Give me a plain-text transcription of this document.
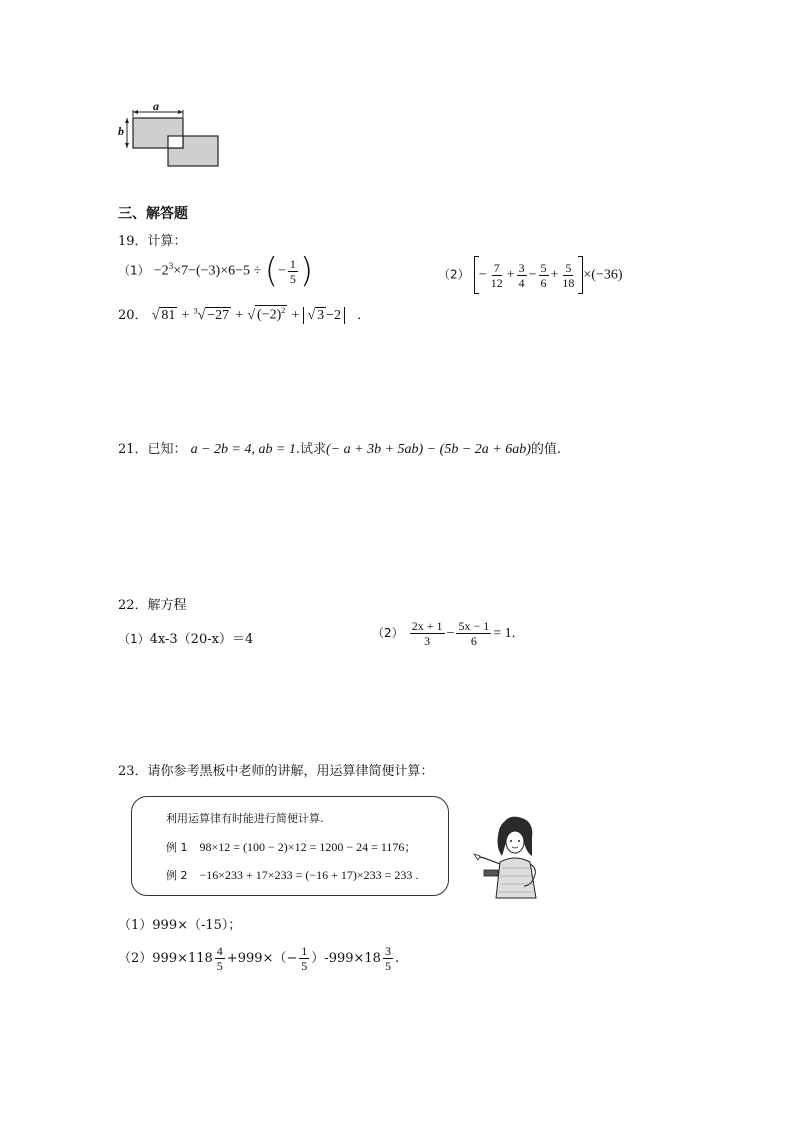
a
b
三、解答题
19．计算：
$(1) -2^3\times 7-(-3)\times 6-5$ ÷ (− $\frac{1}{5}$ )	$(2) - \frac{7}{12} + \frac{3}{4} - \frac{5}{6} + \frac{5}{18} \times(-36)$
20． √ 81 + $^3$√ −27 + √ $(-2)^2$ + √ 3 −2 ．
21．已知： a − 2b = 4, ab = 1.试求(− a + 3b + 5ab) − (5b − 2a + 6ab)的值.
22．解方程
（1）4x-3（20-x）＝4	$(2) \frac{2x + 1}{3} - \frac{5x - 1}{6} = 1$．
23．请你参考黑板中老师的讲解，用运算律简便计算：
利用运算律有时能进行简便计算.
例 1 98×12 = (100 − 2)×12 = 1200 − 24 = 1176；
例 2 −16×233 + 17×233 = (−16 + 17)×233 = 233 .
（1）999×（-15）；
$(2)999\times 118 \frac{4}{5} +999\times(- \frac{1}{5} )-999\times 18 \frac{3}{5}$ .
